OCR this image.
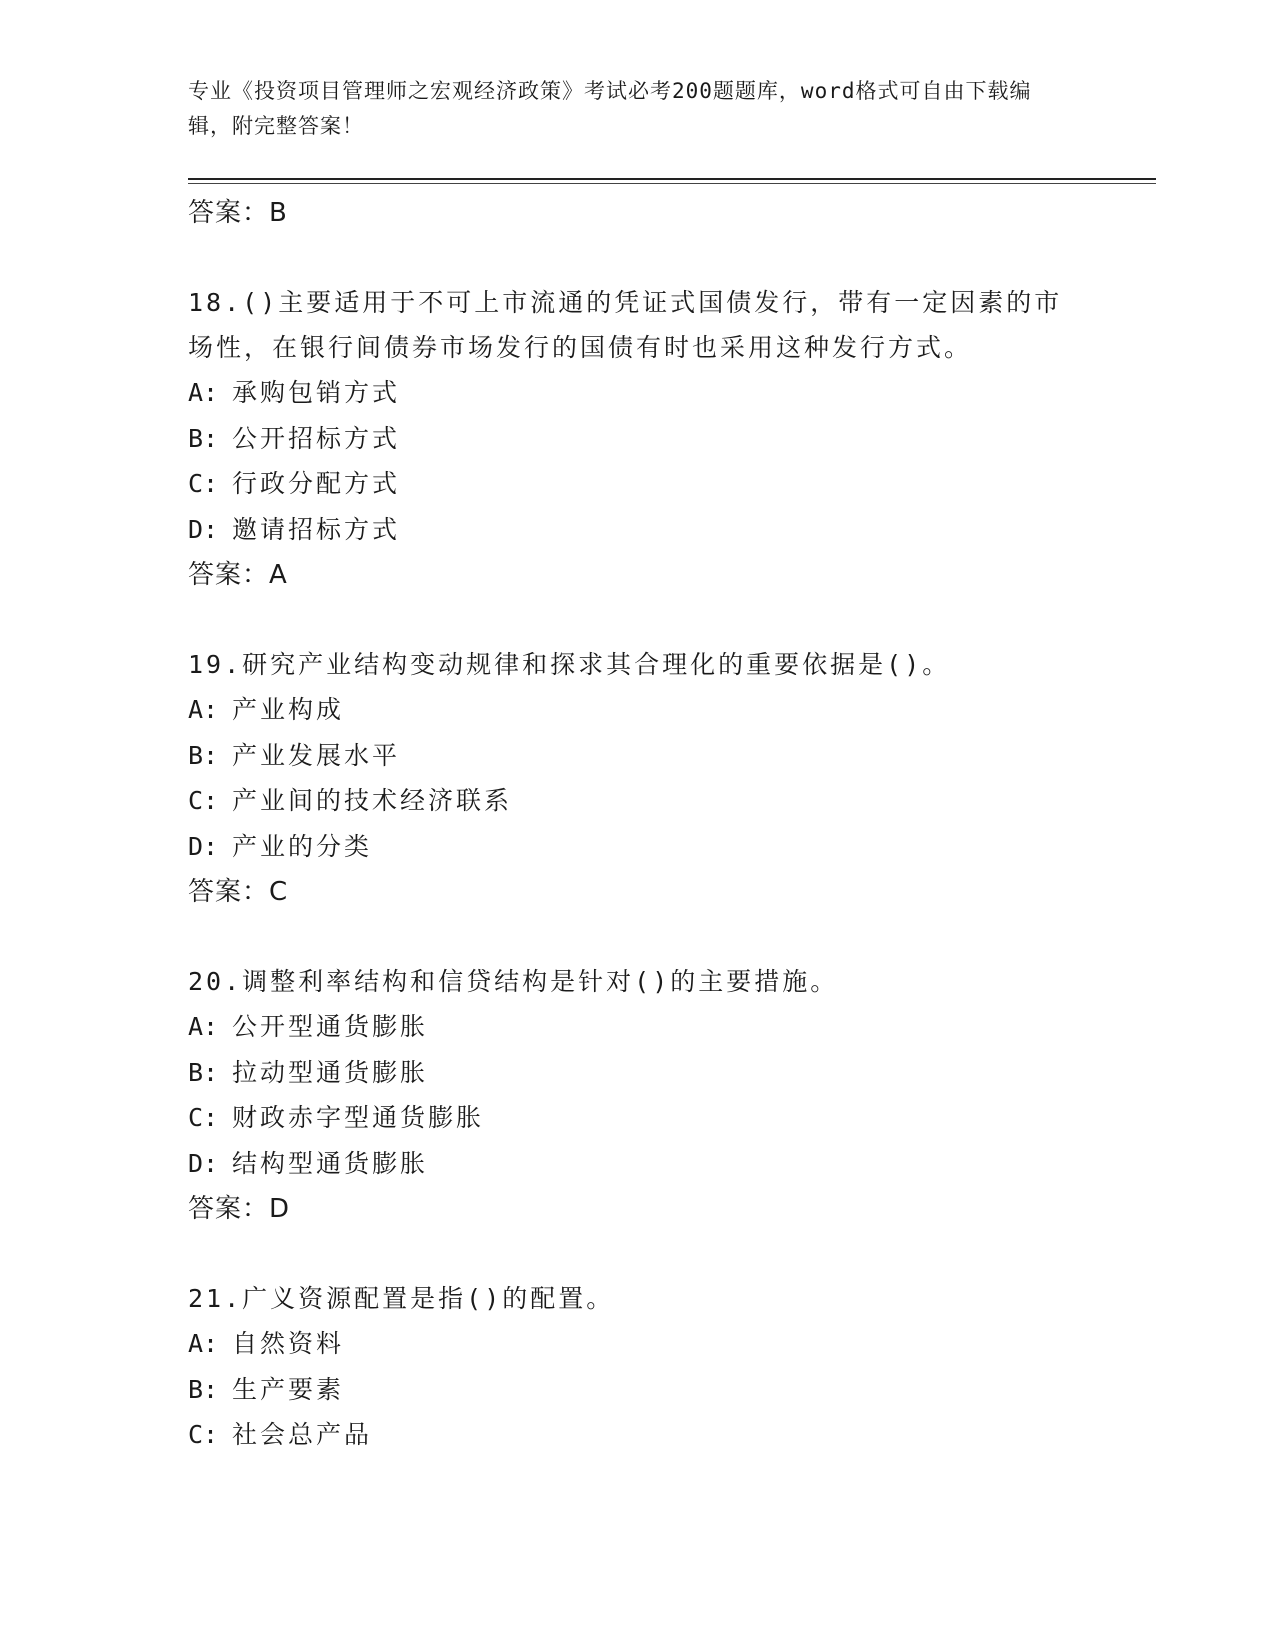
专业《投资项目管理师之宏观经济政策》考试必考200题题库，word格式可自由下载编辑，附完整答案！
答案：B
18.()主要适用于不可上市流通的凭证式国债发行，带有一定因素的市场性，在银行间债券市场发行的国债有时也采用这种发行方式。
A: 承购包销方式
B: 公开招标方式
C: 行政分配方式
D: 邀请招标方式
答案：A
19.研究产业结构变动规律和探求其合理化的重要依据是()。
A: 产业构成
B: 产业发展水平
C: 产业间的技术经济联系
D: 产业的分类
答案：C
20.调整利率结构和信贷结构是针对()的主要措施。
A: 公开型通货膨胀
B: 拉动型通货膨胀
C: 财政赤字型通货膨胀
D: 结构型通货膨胀
答案：D
21.广义资源配置是指()的配置。
A: 自然资料
B: 生产要素
C: 社会总产品
